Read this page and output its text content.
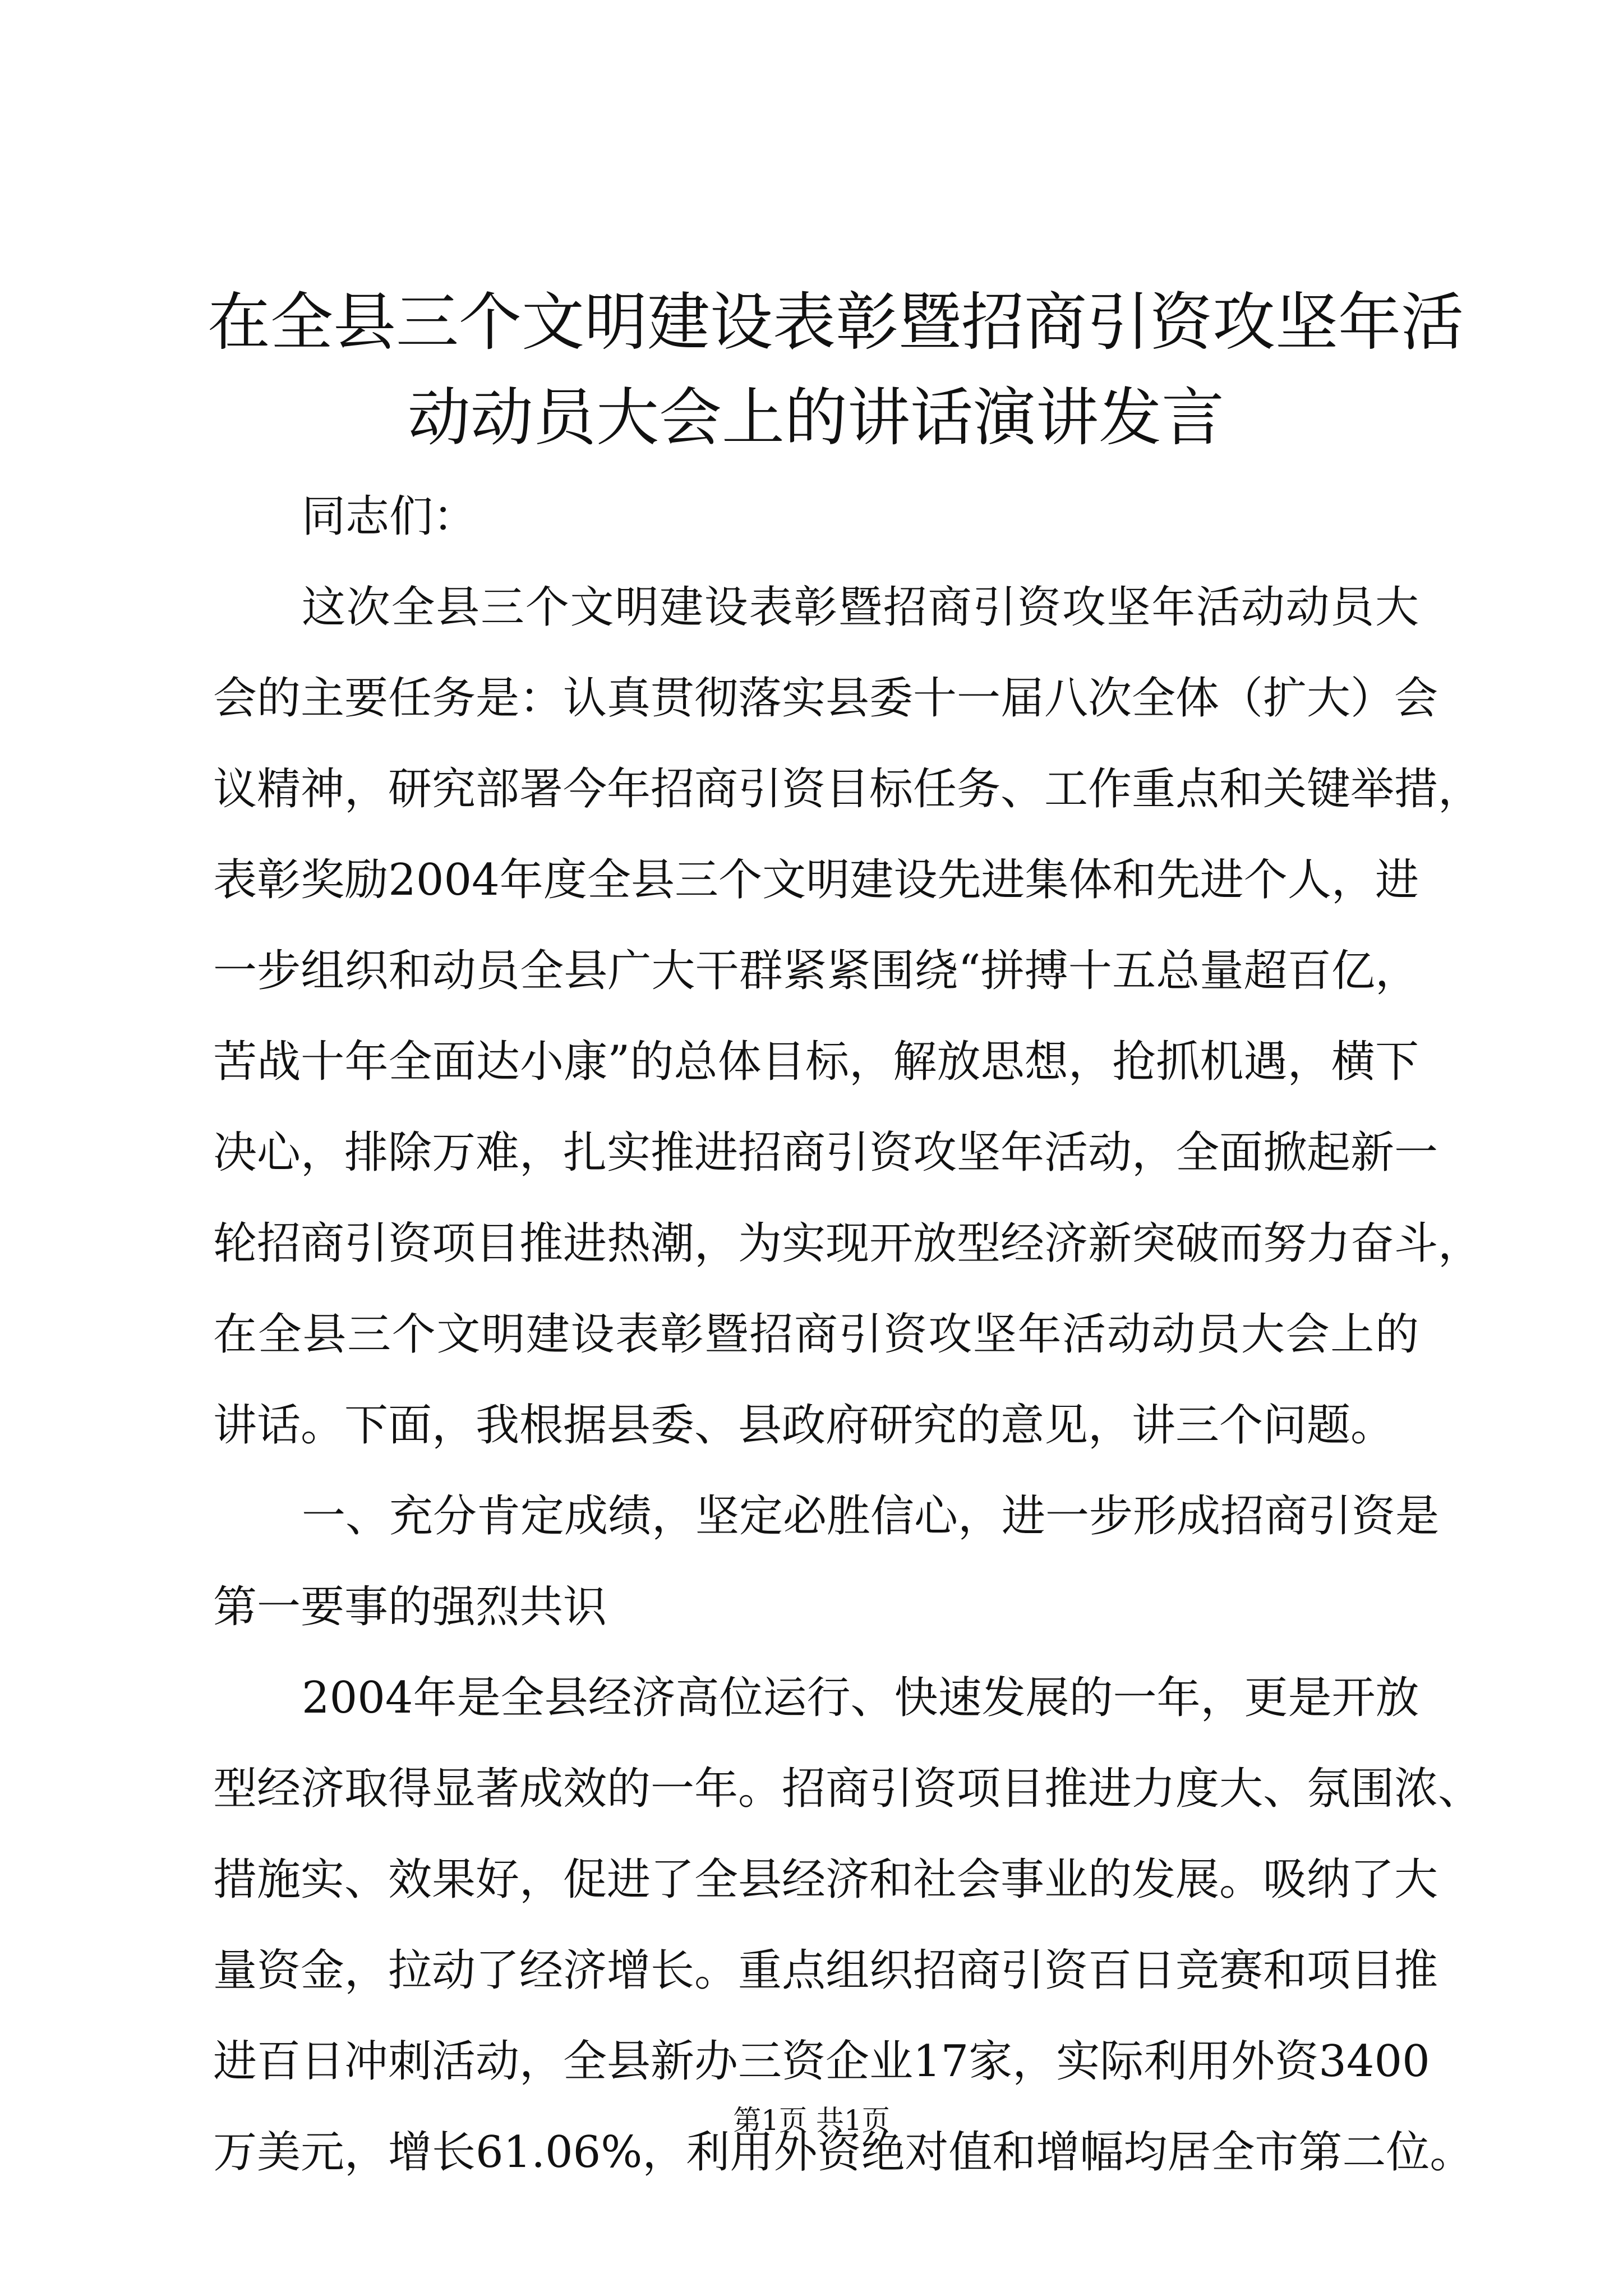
在全县三个文明建设表彰暨招商引资攻坚年活
动动员大会上的讲话演讲发言
同志们：
这次全县三个文明建设表彰暨招商引资攻坚年活动动员大
会的主要任务是：认真贯彻落实县委十一届八次全体（扩大）会
议精神，研究部署今年招商引资目标任务、工作重点和关键举措，
表彰奖励2004年度全县三个文明建设先进集体和先进个人，进
一步组织和动员全县广大干群紧紧围绕“拼搏十五总量超百亿，
苦战十年全面达小康”的总体目标，解放思想，抢抓机遇，横下
决心，排除万难，扎实推进招商引资攻坚年活动，全面掀起新一
轮招商引资项目推进热潮，为实现开放型经济新突破而努力奋斗，
在全县三个文明建设表彰暨招商引资攻坚年活动动员大会上的
讲话。下面，我根据县委、县政府研究的意见，讲三个问题。
一、充分肯定成绩，坚定必胜信心，进一步形成招商引资是
第一要事的强烈共识
2004年是全县经济高位运行、快速发展的一年，更是开放
型经济取得显著成效的一年。招商引资项目推进力度大、氛围浓、
措施实、效果好，促进了全县经济和社会事业的发展。吸纳了大
量资金，拉动了经济增长。重点组织招商引资百日竞赛和项目推
进百日冲刺活动，全县新办三资企业17家，实际利用外资3400
万美元，增长61.06%，利用外资绝对值和增幅均居全市第二位。
第1页 共1页
